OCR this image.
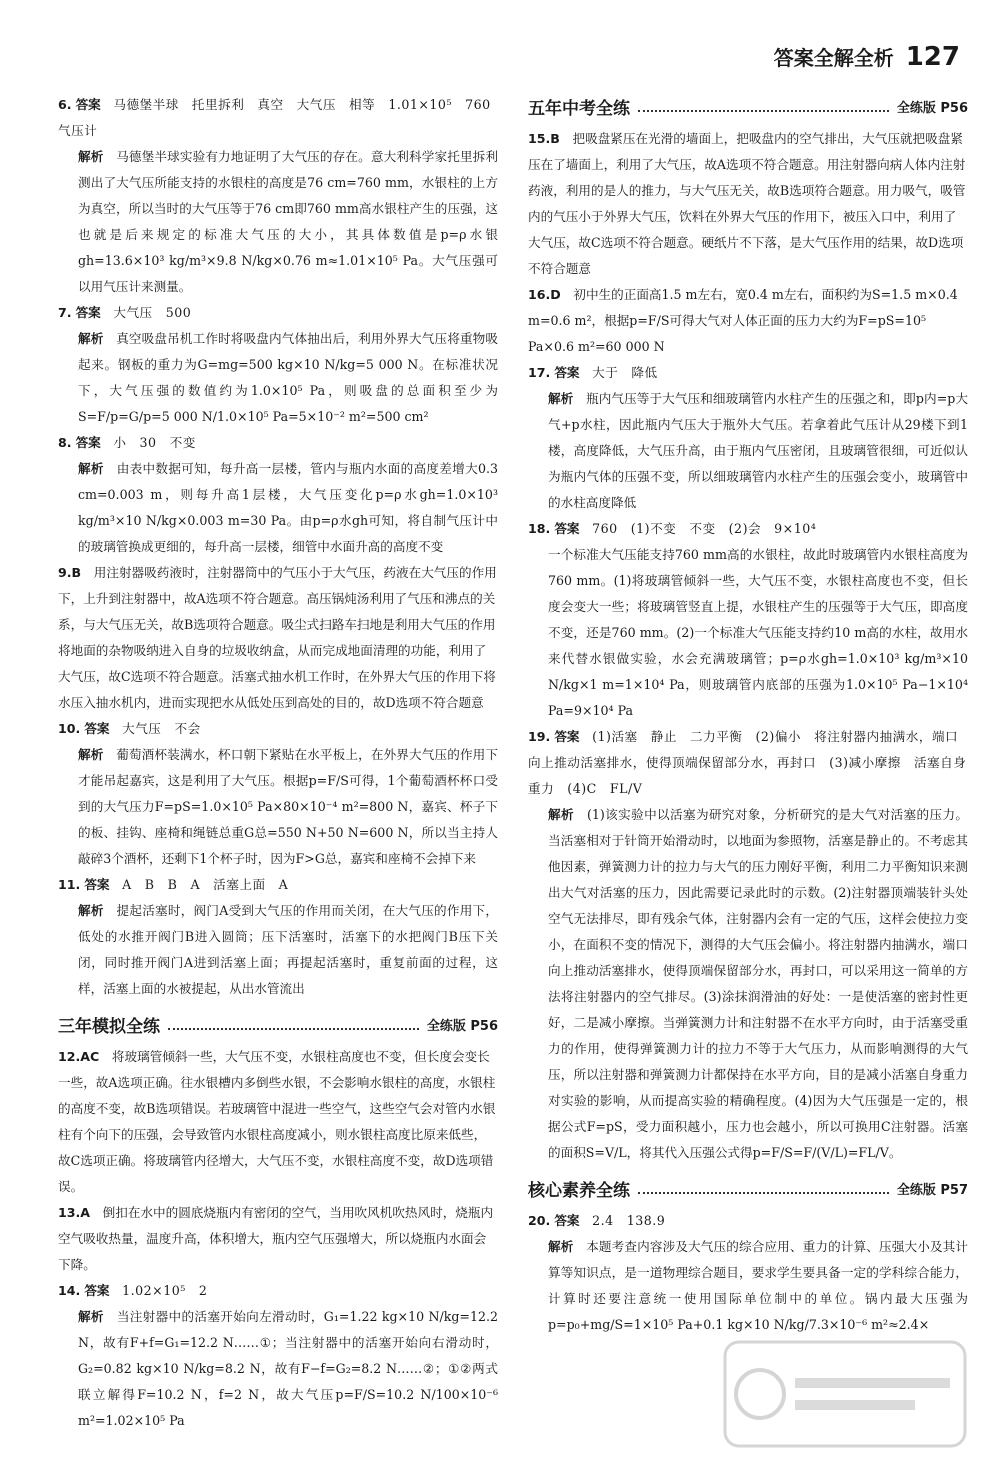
答案全解全析 127

6. 答案　 马德堡半球　托里拆利　真空　大气压　相等　1.01×10⁵　760　气压计

解析　 马德堡半球实验有力地证明了大气压的存在。意大利科学家托里拆利测出了大气压所能支持的水银柱的高度是76 cm=760 mm，水银柱的上方为真空，所以当时的大气压等于76 cm即760 mm高水银柱产生的压强，这也就是后来规定的标准大气压的大小，其具体数值是p=ρ水银gh=13.6×10³ kg/m³×9.8 N/kg×0.76 m≈1.01×10⁵ Pa。大气压强可以用气压计来测量。

7. 答案　 大气压　500

解析　 真空吸盘吊机工作时将吸盘内气体抽出后，利用外界大气压将重物吸起来。钢板的重力为G=mg=500 kg×10 N/kg=5 000 N。在标准状况下，大气压强的数值约为1.0×10⁵ Pa，则吸盘的总面积至少为S=F/p=G/p=5 000 N/1.0×10⁵ Pa=5×10⁻² m²=500 cm²

8. 答案　 小　30　不变

解析　 由表中数据可知，每升高一层楼，管内与瓶内水面的高度差增大0.3 cm=0.003 m，则每升高1层楼，大气压变化p=ρ水gh=1.0×10³ kg/m³×10 N/kg×0.003 m=30 Pa。由p=ρ水gh可知，将自制气压计中的玻璃管换成更细的，每升高一层楼，细管中水面升高的高度不变

9.B　 用注射器吸药液时，注射器筒中的气压小于大气压，药液在大气压的作用下，上升到注射器中，故A选项不符合题意。高压锅炖汤利用了气压和沸点的关系，与大气压无关，故B选项符合题意。吸尘式扫路车扫地是利用大气压的作用将地面的杂物吸纳进入自身的垃圾收纳盒，从而完成地面清理的功能，利用了大气压，故C选项不符合题意。活塞式抽水机工作时，在外界大气压的作用下将水压入抽水机内，进而实现把水从低处压到高处的目的，故D选项不符合题意

10. 答案　 大气压　不会

解析　 葡萄酒杯装满水，杯口朝下紧贴在水平板上，在外界大气压的作用下才能吊起嘉宾，这是利用了大气压。根据p=F/S可得，1个葡萄酒杯杯口受到的大气压力F=pS=1.0×10⁵ Pa×80×10⁻⁴ m²=800 N，嘉宾、杯子下的板、挂钩、座椅和绳链总重G总=550 N+50 N=600 N，所以当主持人敲碎3个酒杯，还剩下1个杯子时，因为F>G总，嘉宾和座椅不会掉下来

11. 答案　 A　B　B　A　活塞上面　A

解析　 提起活塞时，阀门A受到大气压的作用而关闭，在大气压的作用下，低处的水推开阀门B进入圆筒；压下活塞时，活塞下的水把阀门B压下关闭，同时推开阀门A进到活塞上面；再提起活塞时，重复前面的过程，这样，活塞上面的水被提起，从出水管流出

三年模拟全练	全练版 P56

12.AC　 将玻璃管倾斜一些，大气压不变，水银柱高度也不变，但长度会变长一些，故A选项正确。往水银槽内多倒些水银，不会影响水银柱的高度，水银柱的高度不变，故B选项错误。若玻璃管中混进一些空气，这些空气会对管内水银柱有个向下的压强，会导致管内水银柱高度减小，则水银柱高度比原来低些，故C选项正确。将玻璃管内径增大，大气压不变，水银柱高度不变，故D选项错误。

13.A　 倒扣在水中的圆底烧瓶内有密闭的空气，当用吹风机吹热风时，烧瓶内空气吸收热量，温度升高，体积增大，瓶内空气压强增大，所以烧瓶内水面会下降。

14. 答案　 1.02×10⁵　2

解析　 当注射器中的活塞开始向左滑动时，G₁=1.22 kg×10 N/kg=12.2 N，故有F+f=G₁=12.2 N……①；当注射器中的活塞开始向右滑动时，G₂=0.82 kg×10 N/kg=8.2 N，故有F−f=G₂=8.2 N……②；①②两式联立解得F=10.2 N，f=2 N，故大气压p=F/S=10.2 N/100×10⁻⁶ m²=1.02×10⁵ Pa

五年中考全练	全练版 P56

15.B　 把吸盘紧压在光滑的墙面上，把吸盘内的空气排出，大气压就把吸盘紧压在了墙面上，利用了大气压，故A选项不符合题意。用注射器向病人体内注射药液，利用的是人的推力，与大气压无关，故B选项符合题意。用力吸气，吸管内的气压小于外界大气压，饮料在外界大气压的作用下，被压入口中，利用了大气压，故C选项不符合题意。硬纸片不下落，是大气压作用的结果，故D选项不符合题意

16.D　 初中生的正面高1.5 m左右，宽0.4 m左右，面积约为S=1.5 m×0.4 m=0.6 m²，根据p=F/S可得大气对人体正面的压力大约为F=pS=10⁵ Pa×0.6 m²=60 000 N

17. 答案　 大于　降低

解析　 瓶内气压等于大气压和细玻璃管内水柱产生的压强之和，即p内=p大气+p水柱，因此瓶内气压大于瓶外大气压。若拿着此气压计从29楼下到1楼，高度降低，大气压升高，由于瓶内气压密闭，且玻璃管很细，可近似认为瓶内气体的压强不变，所以细玻璃管内水柱产生的压强会变小，玻璃管中的水柱高度降低

18. 答案　 760　(1)不变　不变　(2)会　9×10⁴

一个标准大气压能支持760 mm高的水银柱，故此时玻璃管内水银柱高度为760 mm。(1)将玻璃管倾斜一些，大气压不变，水银柱高度也不变，但长度会变大一些；将玻璃管竖直上提，水银柱产生的压强等于大气压，即高度不变，还是760 mm。(2)一个标准大气压能支持约10 m高的水柱，故用水来代替水银做实验，水会充满玻璃管；p=ρ水gh=1.0×10³ kg/m³×10 N/kg×1 m=1×10⁴ Pa，则玻璃管内底部的压强为1.0×10⁵ Pa−1×10⁴ Pa=9×10⁴ Pa

19. 答案　 (1)活塞　静止　二力平衡　(2)偏小　将注射器内抽满水，端口向上推动活塞排水，使得顶端保留部分水，再封口　(3)减小摩擦　活塞自身重力　(4)C　FL/V

解析　 (1)该实验中以活塞为研究对象，分析研究的是大气对活塞的压力。当活塞相对于针筒开始滑动时，以地面为参照物，活塞是静止的。不考虑其他因素，弹簧测力计的拉力与大气的压力刚好平衡，利用二力平衡知识来测出大气对活塞的压力，因此需要记录此时的示数。(2)注射器顶端装针头处空气无法排尽，即有残余气体，注射器内会有一定的气压，这样会使拉力变小，在面积不变的情况下，测得的大气压会偏小。将注射器内抽满水，端口向上推动活塞排水，使得顶端保留部分水，再封口，可以采用这一简单的方法将注射器内的空气排尽。(3)涂抹润滑油的好处：一是使活塞的密封性更好，二是减小摩擦。当弹簧测力计和注射器不在水平方向时，由于活塞受重力的作用，使得弹簧测力计的拉力不等于大气压力，从而影响测得的大气压，所以注射器和弹簧测力计都保持在水平方向，目的是减小活塞自身重力对实验的影响，从而提高实验的精确程度。(4)因为大气压强是一定的，根据公式F=pS，受力面积越小，压力也会越小，所以可换用C注射器。活塞的面积S=V/L，将其代入压强公式得p=F/S=F/(V/L)=FL/V。

核心素养全练	全练版 P57

20. 答案　 2.4　138.9

解析　 本题考查内容涉及大气压的综合应用、重力的计算、压强大小及其计算等知识点，是一道物理综合题目，要求学生要具备一定的学科综合能力，计算时还要注意统一使用国际单位制中的单位。锅内最大压强为p=p₀+mg/S=1×10⁵ Pa+0.1 kg×10 N/kg/7.3×10⁻⁶ m²≈2.4×
